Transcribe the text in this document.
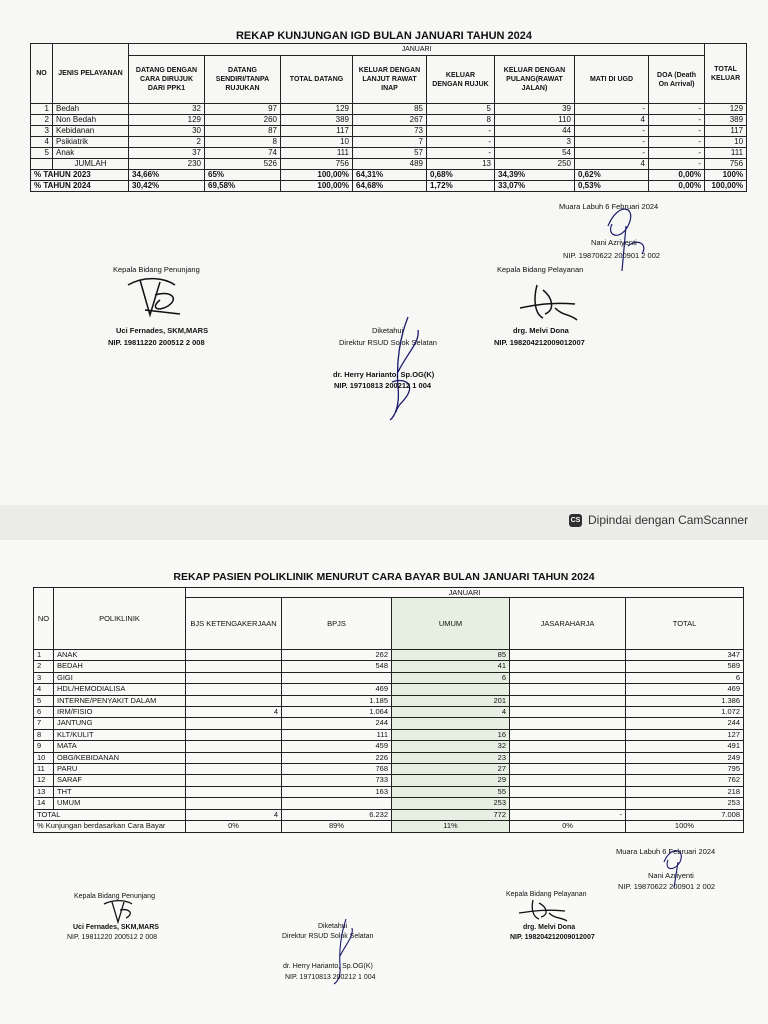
REKAP KUNJUNGAN IGD BULAN JANUARI TAHUN 2024
NO	JENIS PELAYANAN	JANUARI								TOTAL KELUAR
		DATANG DENGAN CARA DIRUJUK DARI PPK1	DATANG SENDIRI/TANPA RUJUKAN	TOTAL DATANG	KELUAR DENGAN LANJUT RAWAT INAP	KELUAR DENGAN RUJUK	KELUAR DENGAN PULANG(RAWAT JALAN)	MATI DI UGD	DOA (Death On Arrival)	
1	Bedah	32	97	129	85	5	39	-	-	129
2	Non Bedah	129	260	389	267	8	110	4	-	389
3	Kebidanan	30	87	117	73	-	44	-	-	117
4	Psikiatrik	2	8	10	7	-	3	-	-	10
5	Anak	37	74	111	57	-	54	-	-	111
	JUMLAH	230	526	756	489	13	250	4	-	756
% TAHUN 2023		34,66%	65%	100,00%	64,31%	0,68%	34,39%	0,62%	0,00%	100%
% TAHUN 2024		30,42%	69,58%	100,00%	64,68%	1,72%	33,07%	0,53%	0,00%	100,00%
Muara Labuh 6 Februari 2024
Nani Azriyenti
NIP. 19870622 200901 2 002
Kepala Bidang Penunjang
Uci Fernades, SKM,MARS
NIP. 19811220 200512 2 008
Kepala Bidang Pelayanan
drg. Melvi Dona
NIP. 198204212009012007
Diketahui
Direktur RSUD Solok Selatan
dr. Herry Harianto, Sp.OG(K)
NIP. 19710813 200212 1 004
CS Dipindai dengan CamScanner
REKAP PASIEN POLIKLINIK MENURUT CARA BAYAR BULAN JANUARI TAHUN 2024
NO	POLIKLINIK	JANUARI				
		BJS KETENGAKERJAAN	BPJS	UMUM	JASARAHARJA	TOTAL
1	ANAK		262	85		347
2	BEDAH		548	41		589
3	GIGI			6		6
4	HDL/HEMODIALISA		469			469
5	INTERNE/PENYAKIT DALAM		1.185	201		1.386
6	IRM/FISIO	4	1.064	4		1.072
7	JANTUNG		244			244
8	KLT/KULIT		111	16		127
9	MATA		459	32		491
10	OBG/KEBIDANAN		226	23		249
11	PARU		768	27		795
12	SARAF		733	29		762
13	THT		163	55		218
14	UMUM			253		253
TOTAL		4	6.232	772	-	7.008
% Kunjungan berdasarkan Cara Bayar		0%	89%	11%	0%	100%
Muara Labuh 6 Februari 2024
Nani Azriyenti
NIP. 19870622 200901 2 002
Kepala Bidang Penunjang
Uci Fernades, SKM,MARS
NIP. 19811220 200512 2 008
Kepala Bidang Pelayanan
drg. Melvi Dona
NIP. 198204212009012007
Diketahui
Direktur RSUD Solok Selatan
dr. Herry Harianto, Sp.OG(K)
NIP. 19710813 200212 1 004
